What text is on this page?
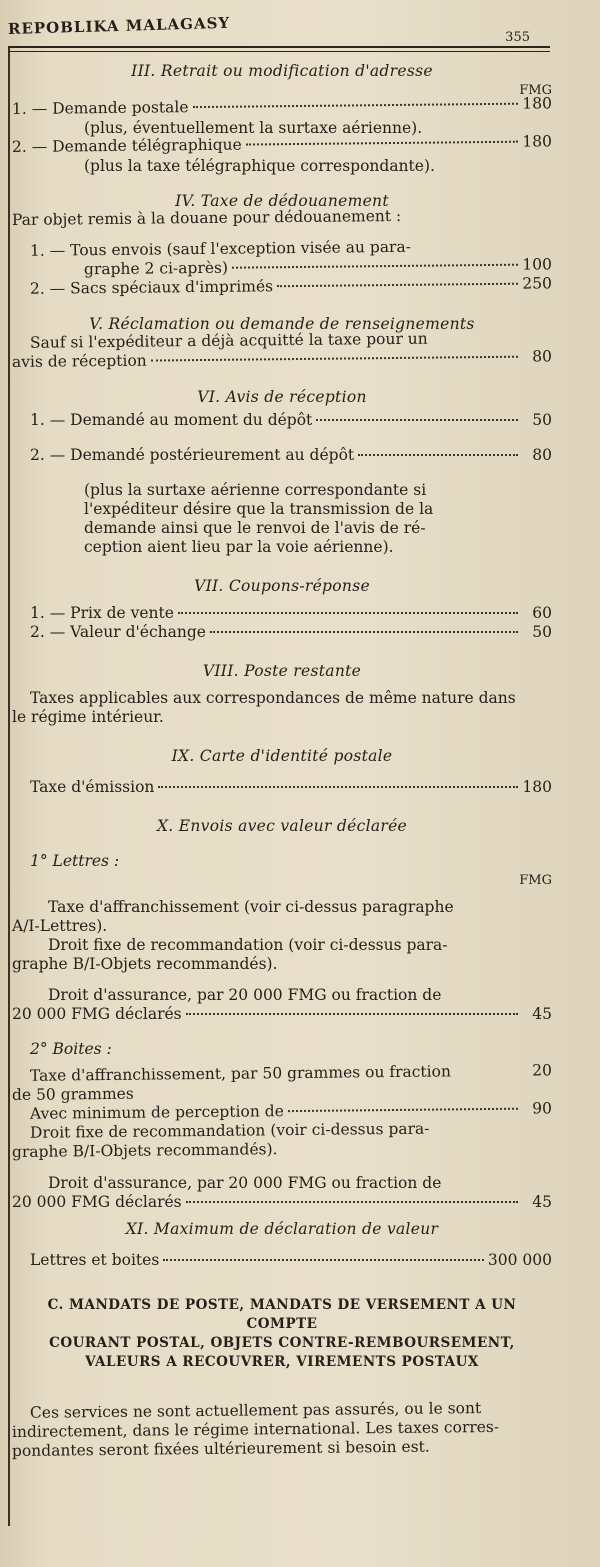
REPOBLIKA MALAGASY	355

III. Retrait ou modification d'adresse

FMG

1. — Demande postale	180

(plus, éventuellement la surtaxe aérienne).

2. — Demande télégraphique	180

(plus la taxe télégraphique correspondante).

IV. Taxe de dédouanement

Par objet remis à la douane pour dédouanement :

1. — Tous envois (sauf l'exception visée au para-

graphe 2 ci-après)	100
2. — Sacs spéciaux d'imprimés	250

V. Réclamation ou demande de renseignements

Sauf si l'expéditeur a déjà acquitté la taxe pour un

avis de réception	80

VI. Avis de réception

1. — Demandé au moment du dépôt	50
2. — Demandé postérieurement au dépôt	80

(plus la surtaxe aérienne correspondante si

l'expéditeur désire que la transmission de la

demande ainsi que le renvoi de l'avis de ré-

ception aient lieu par la voie aérienne).

VII. Coupons-réponse

1. — Prix de vente	60
2. — Valeur d'échange	50

VIII. Poste restante

Taxes applicables aux correspondances de même nature dans

le régime intérieur.

IX. Carte d'identité postale

Taxe d'émission	180

X. Envois avec valeur déclarée

1° Lettres :

FMG

Taxe d'affranchissement (voir ci-dessus paragraphe

A/I-Lettres).

Droit fixe de recommandation (voir ci-dessus para-

graphe B/I-Objets recommandés).

Droit d'assurance, par 20 000 FMG ou fraction de

20 000 FMG déclarés	45

2° Boites :

Taxe d'affranchissement, par 50 grammes ou fraction	20

de 50 grammes

Avec minimum de perception de	90

Droit fixe de recommandation (voir ci-dessus para-

graphe B/I-Objets recommandés).

Droit d'assurance, par 20 000 FMG ou fraction de

20 000 FMG déclarés	45

XI. Maximum de déclaration de valeur

Lettres et boites	300 000

C. MANDATS DE POSTE, MANDATS DE VERSEMENT A UN COMPTE

COURANT POSTAL, OBJETS CONTRE-REMBOURSEMENT,

VALEURS A RECOUVRER, VIREMENTS POSTAUX

Ces services ne sont actuellement pas assurés, ou le sont

indirectement, dans le régime international. Les taxes corres-

pondantes seront fixées ultérieurement si besoin est.
